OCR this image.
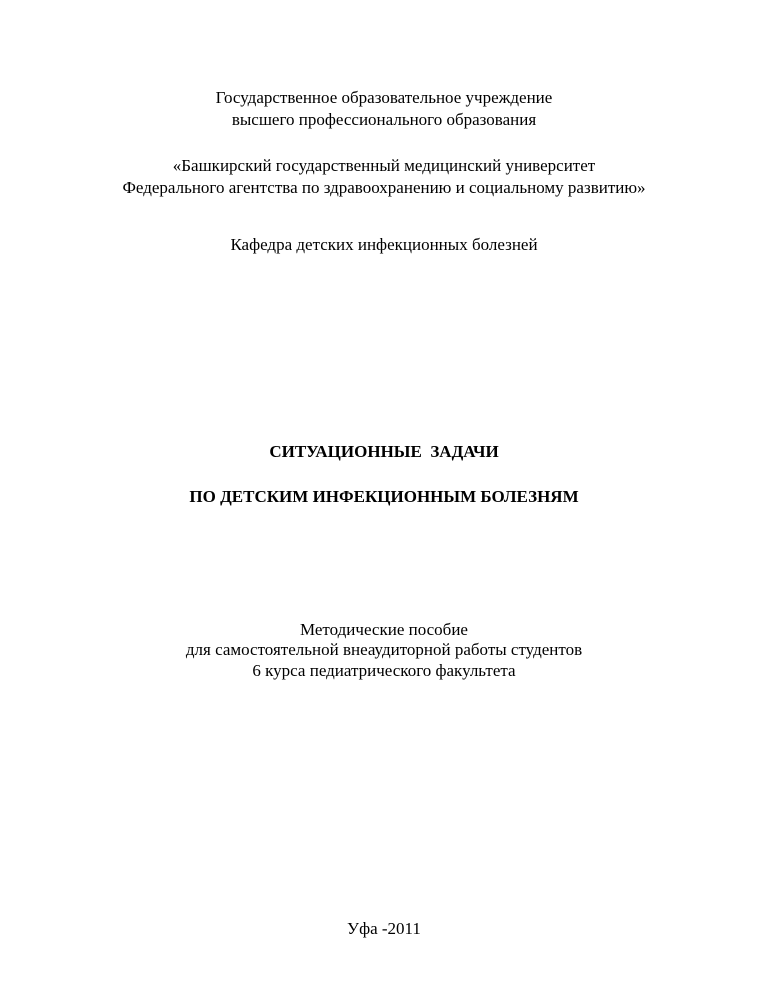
Государственное образовательное учреждение
высшего профессионального образования
«Башкирский государственный медицинский университет
Федерального агентства по здравоохранению и социальному развитию»
Кафедра детских инфекционных болезней
СИТУАЦИОННЫЕ  ЗАДАЧИ
ПО ДЕТСКИМ ИНФЕКЦИОННЫМ БОЛЕЗНЯМ
Методические пособие
для самостоятельной внеаудиторной работы студентов
6 курса педиатрического факультета
Уфа -2011
